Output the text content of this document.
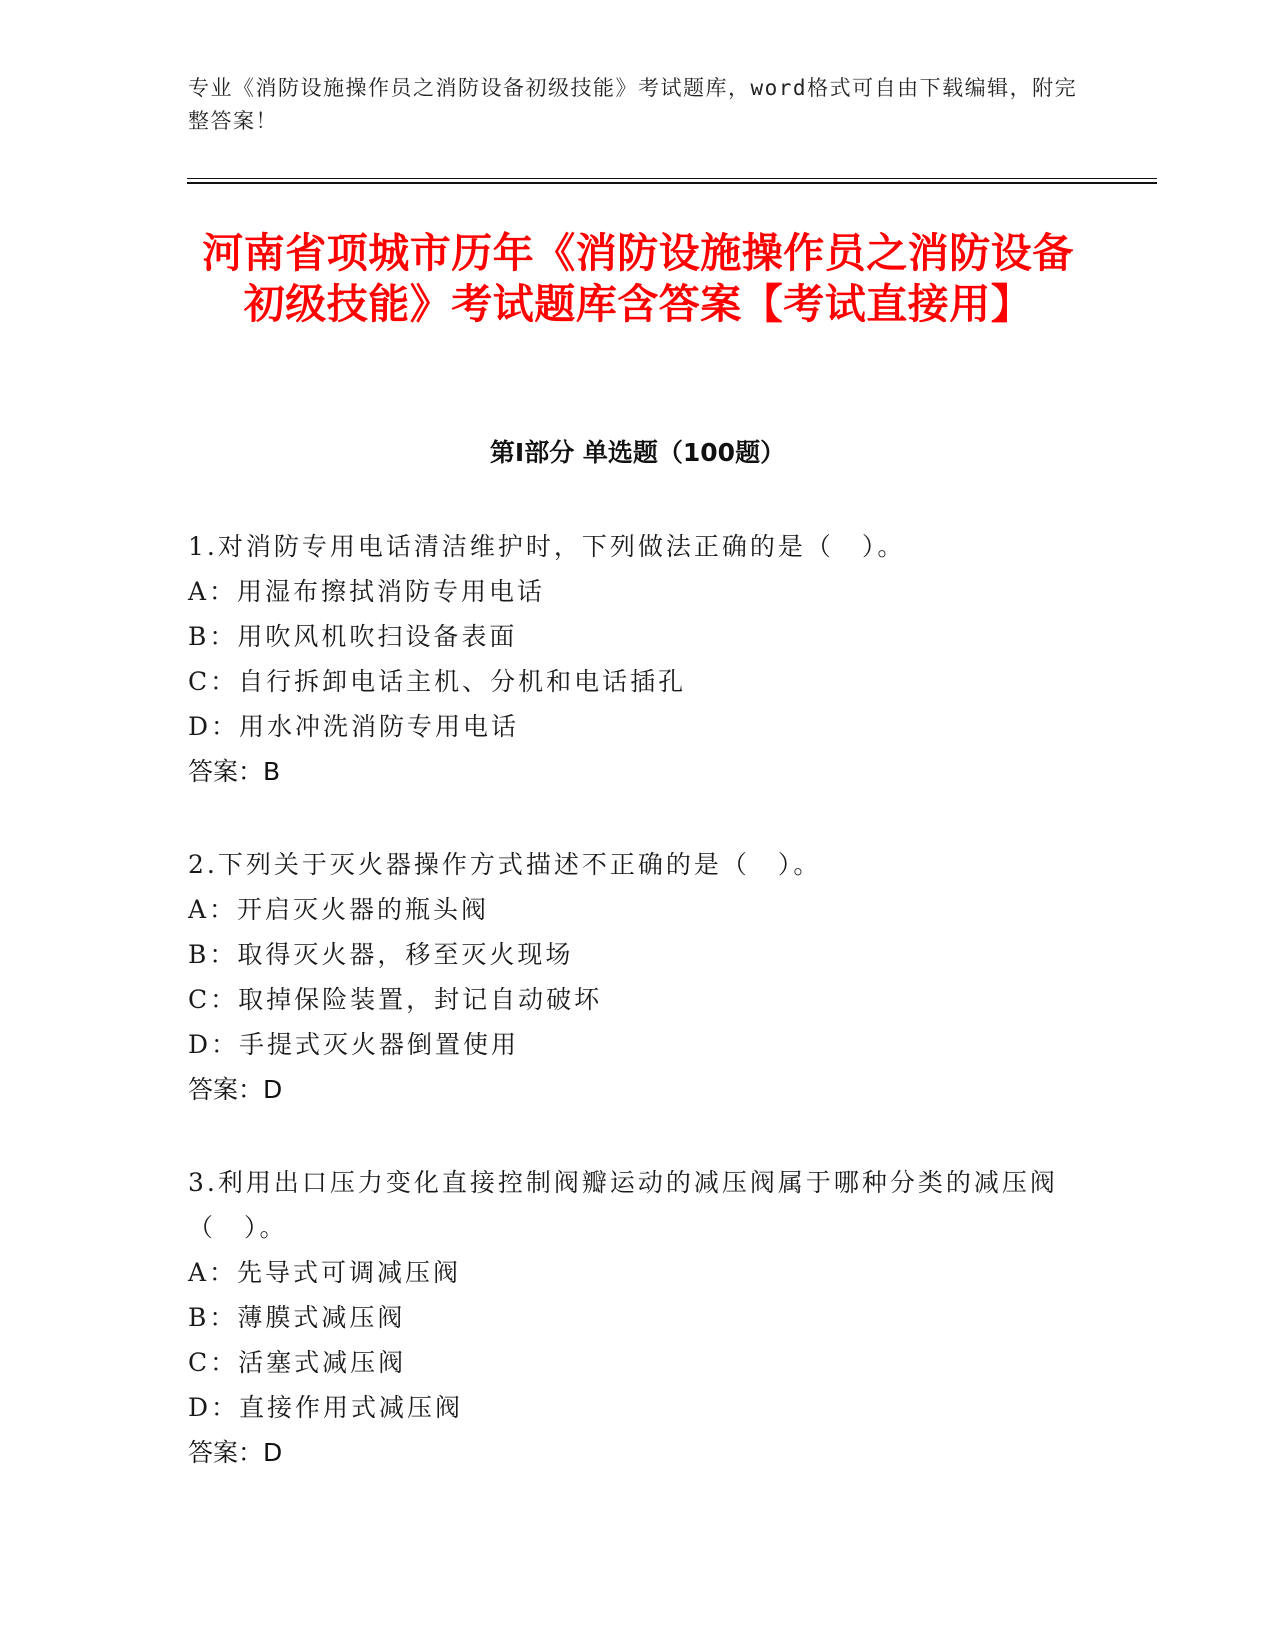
专业《消防设施操作员之消防设备初级技能》考试题库，word格式可自由下载编辑，附完整答案！
河南省项城市历年《消防设施操作员之消防设备初级技能》考试题库含答案【考试直接用】
第Ⅰ部分 单选题（100题）

1.对消防专用电话清洁维护时，下列做法正确的是（　）。

A：用湿布擦拭消防专用电话

B：用吹风机吹扫设备表面

C：自行拆卸电话主机、分机和电话插孔

D：用水冲洗消防专用电话

答案：B

2.下列关于灭火器操作方式描述不正确的是（　）。

A：开启灭火器的瓶头阀

B：取得灭火器，移至灭火现场

C：取掉保险装置，封记自动破坏

D：手提式灭火器倒置使用

答案：D

3.利用出口压力变化直接控制阀瓣运动的减压阀属于哪种分类的减压阀（　）。

A：先导式可调减压阀

B：薄膜式减压阀

C：活塞式减压阀

D：直接作用式减压阀

答案：D
